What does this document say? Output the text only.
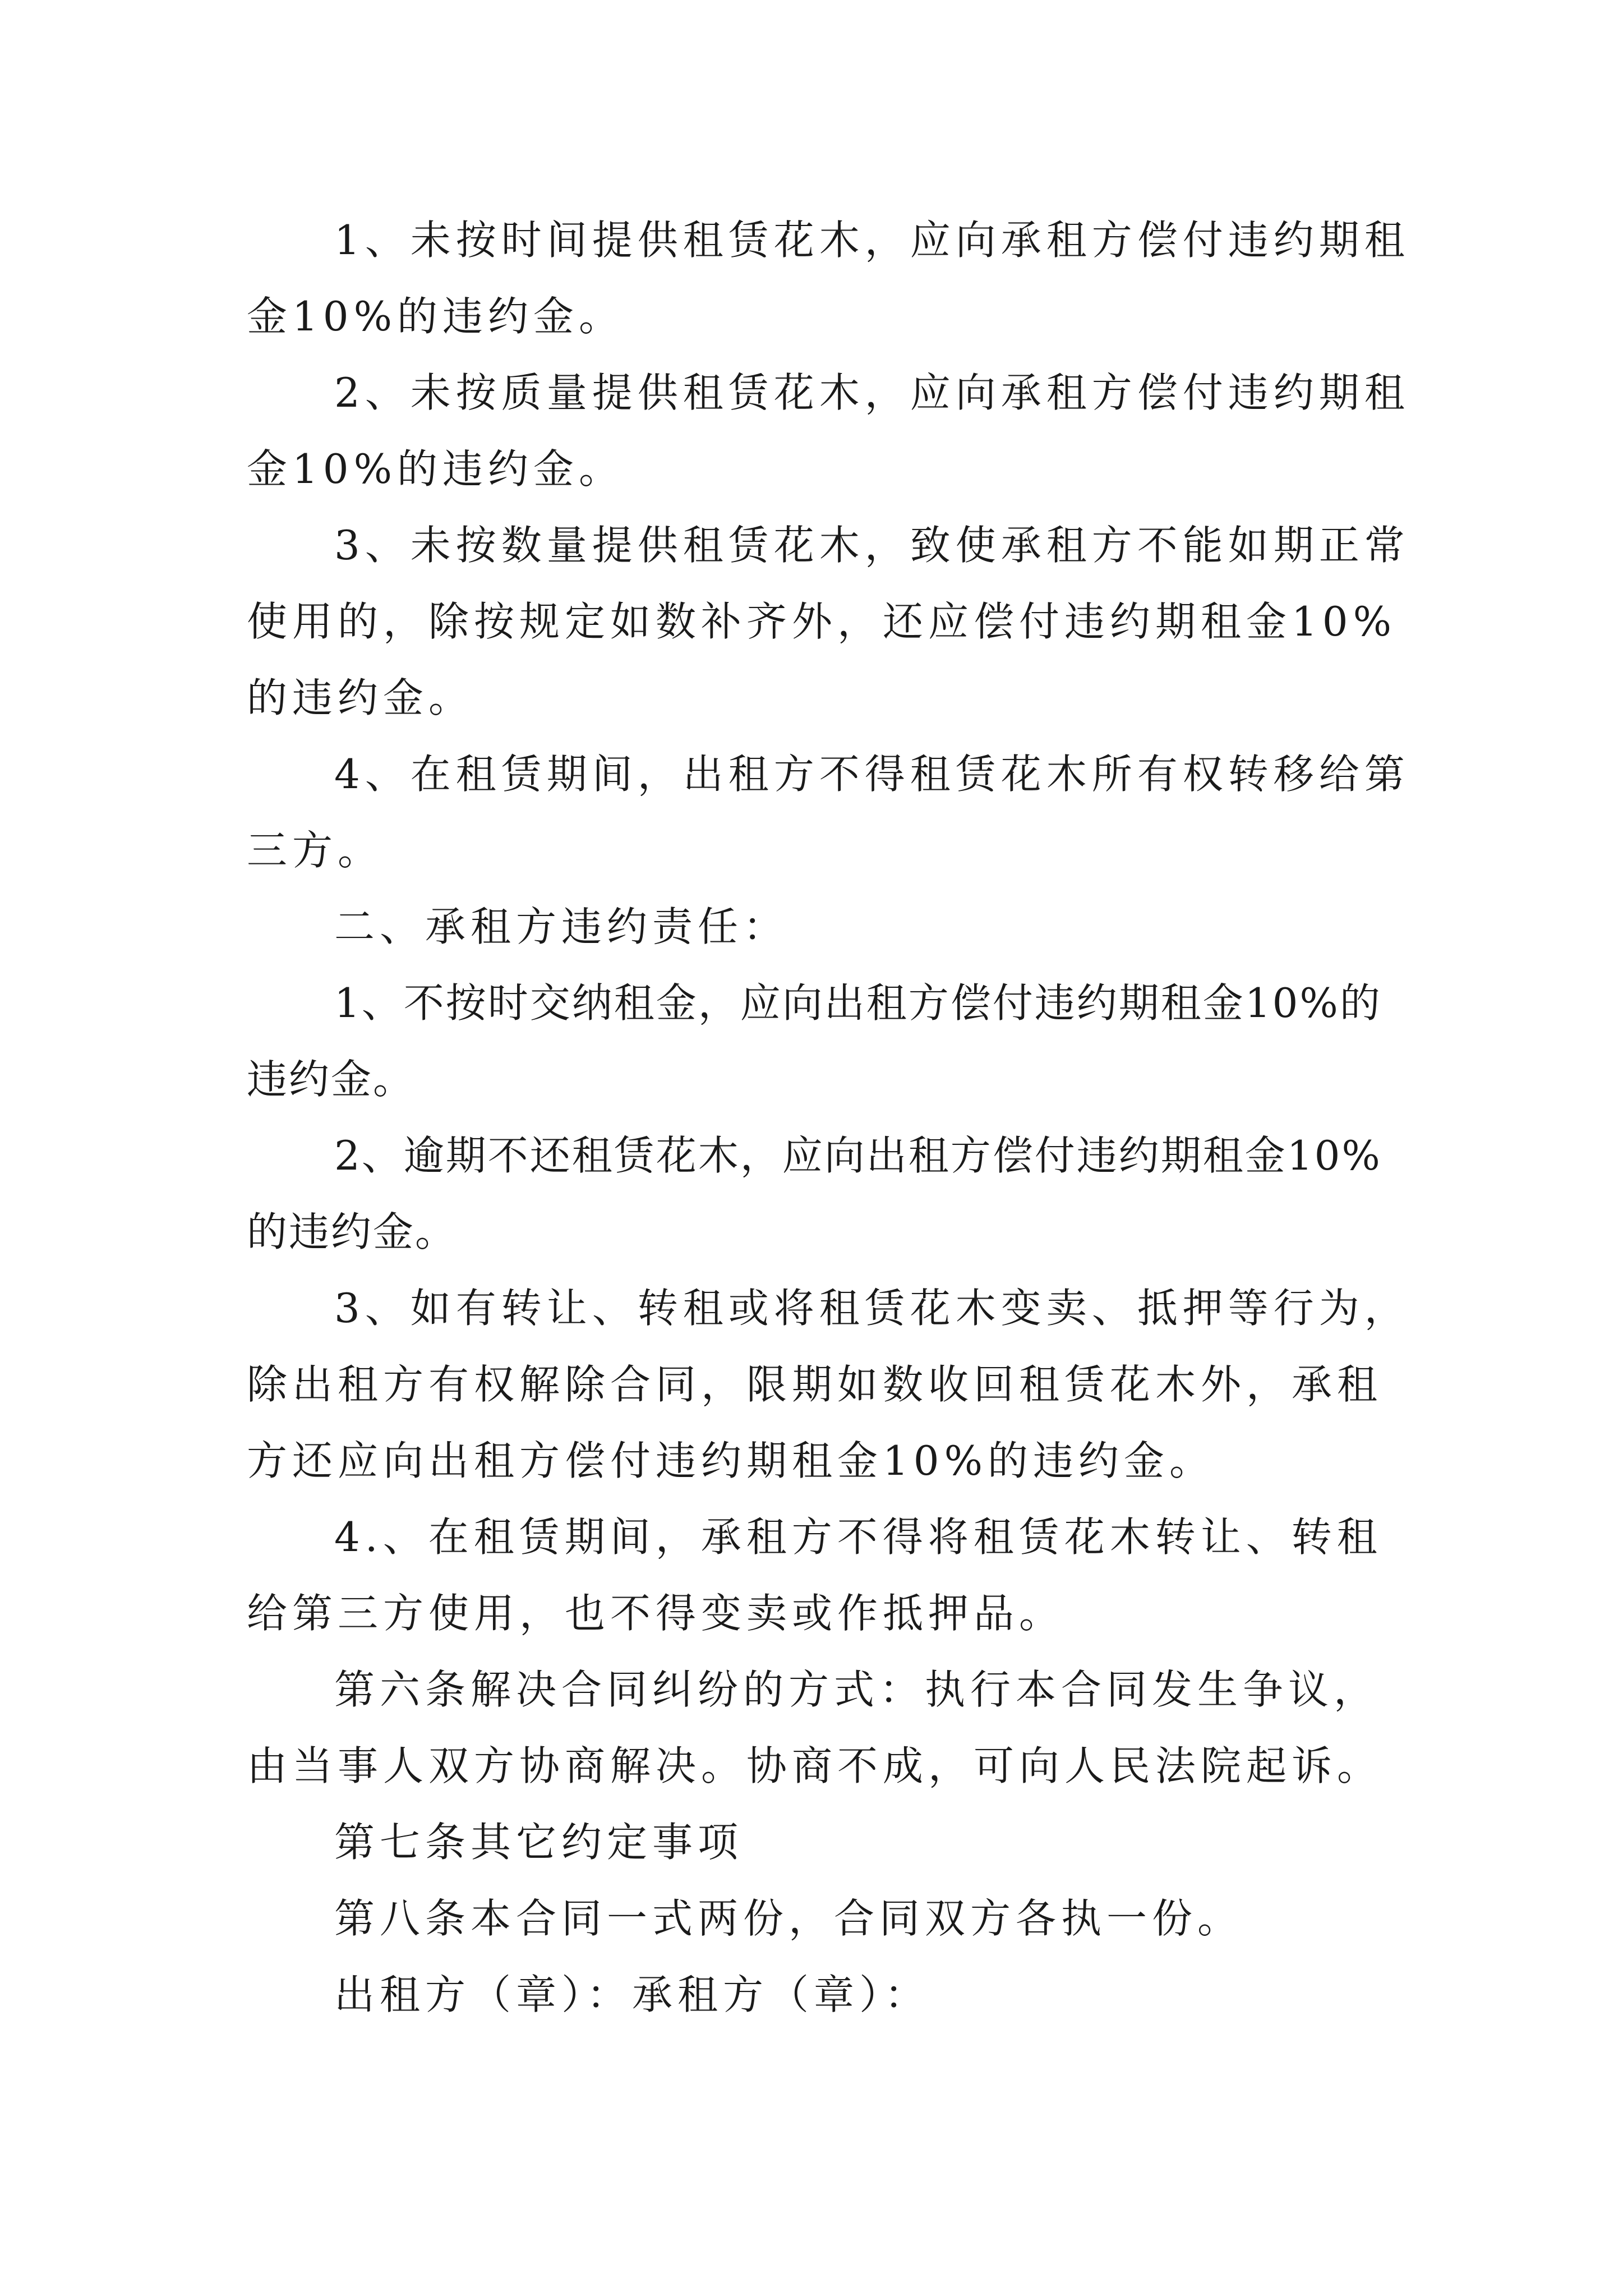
1、未按时间提供租赁花木，应向承租方偿付违约期租金10%的违约金。

2、未按质量提供租赁花木，应向承租方偿付违约期租金10%的违约金。

3、未按数量提供租赁花木，致使承租方不能如期正常使用的，除按规定如数补齐外，还应偿付违约期租金10%的违约金。

4、在租赁期间，出租方不得租赁花木所有权转移给第三方。

二、承租方违约责任：

1、不按时交纳租金，应向出租方偿付违约期租金10%的违约金。

2、逾期不还租赁花木，应向出租方偿付违约期租金10%的违约金。

3、如有转让、转租或将租赁花木变卖、抵押等行为，除出租方有权解除合同，限期如数收回租赁花木外，承租方还应向出租方偿付违约期租金10%的违约金。

4.、在租赁期间，承租方不得将租赁花木转让、转租给第三方使用，也不得变卖或作抵押品。

第六条解决合同纠纷的方式：执行本合同发生争议，由当事人双方协商解决。协商不成，可向人民法院起诉。

第七条其它约定事项

第八条本合同一式两份，合同双方各执一份。

出租方（章）：承租方（章）：
